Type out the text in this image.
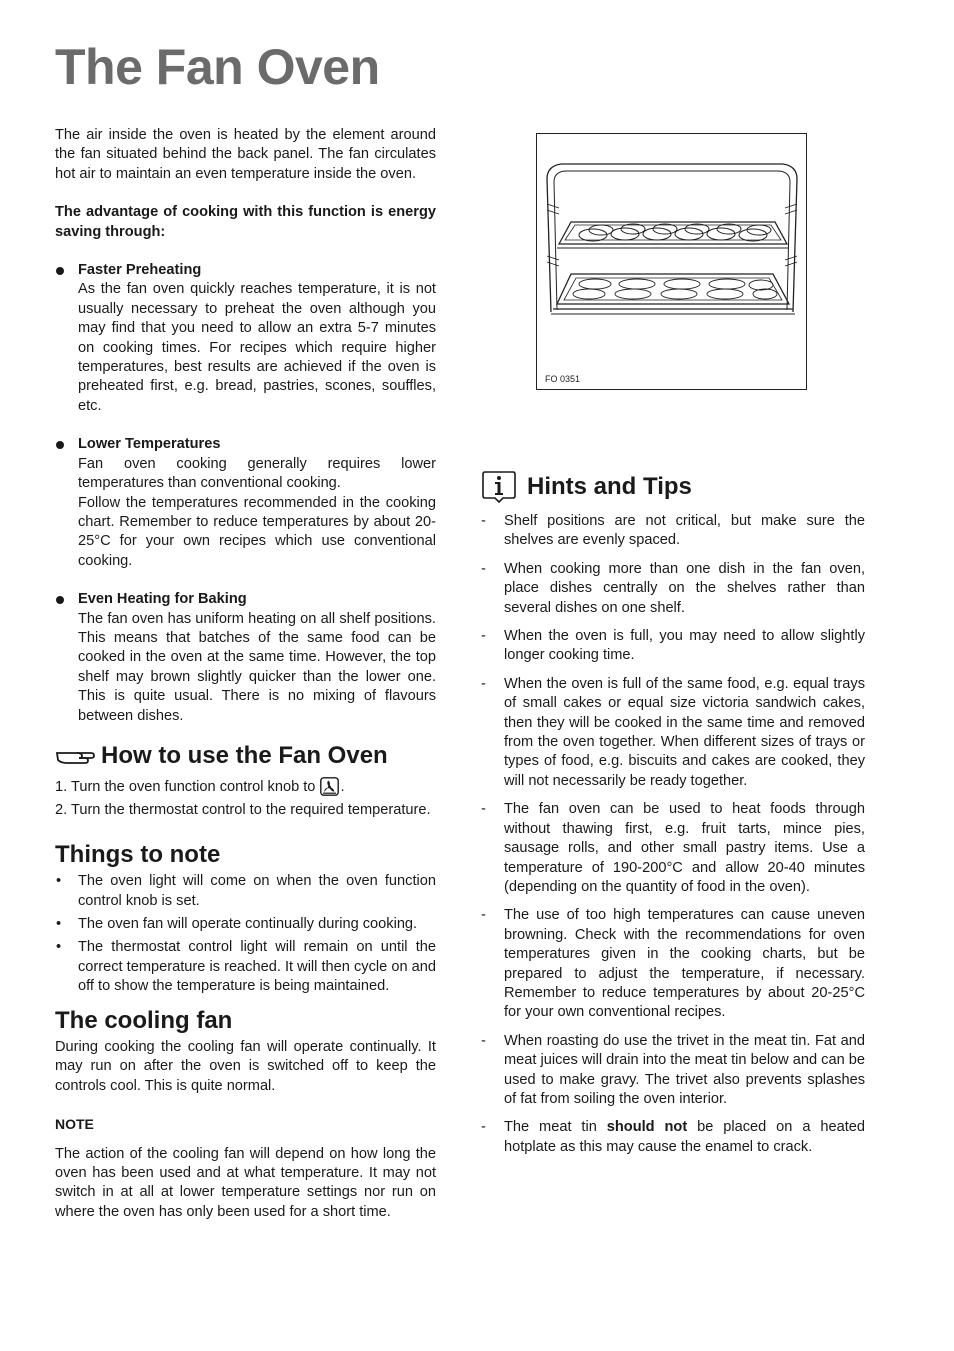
The Fan Oven

The air inside the oven is heated by the element around the fan situated behind the back panel. The fan circulates hot air to maintain an even temperature inside the oven.

The advantage of cooking with this function is energy saving through:

Faster Preheating

As the fan oven quickly reaches temperature, it is not usually necessary to preheat the oven although you may find that you need to allow an extra 5-7 minutes on cooking times. For recipes which require higher temperatures, best results are achieved if the oven is preheated first, e.g. bread, pastries, scones, souffles, etc.

Lower Temperatures

Fan oven cooking generally requires lower temperatures than conventional cooking.

Follow the temperatures recommended in the cooking chart. Remember to reduce temperatures by about 20-25°C for your own recipes which use conventional cooking.

Even Heating for Baking

The fan oven has uniform heating on all shelf positions. This means that batches of the same food can be cooked in the oven at the same time. However, the top shelf may brown slightly quicker than the lower one. This is quite usual. There is no mixing of flavours between dishes.

How to use the Fan Oven
1. Turn the oven function control knob to .
2. Turn the thermostat control to the required temperature.
Things to note
• The oven light will come on when the oven function control knob is set.
• The oven fan will operate continually during cooking.
• The thermostat control light will remain on until the correct temperature is reached. It will then cycle on and off to show the temperature is being maintained.
The cooling fan

During cooking the cooling fan will operate continually. It may run on after the oven is switched off to keep the controls cool. This is quite normal.

NOTE

The action of the cooling fan will depend on how long the oven has been used and at what temperature. It may not switch in at all at lower temperature settings nor run on where the oven has only been used for a short time.

FO 0351
Hints and Tips
- Shelf positions are not critical, but make sure the shelves are evenly spaced.
- When cooking more than one dish in the fan oven, place dishes centrally on the shelves rather than several dishes on one shelf.
- When the oven is full, you may need to allow slightly longer cooking time.
- When the oven is full of the same food, e.g. equal trays of small cakes or equal size victoria sandwich cakes, then they will be cooked in the same time and removed from the oven together. When different sizes of trays or types of food, e.g. biscuits and cakes are cooked, they will not necessarily be ready together.
- The fan oven can be used to heat foods through without thawing first, e.g. fruit tarts, mince pies, sausage rolls, and other small pastry items. Use a temperature of 190-200°C and allow 20-40 minutes (depending on the quantity of food in the oven).
- The use of too high temperatures can cause uneven browning. Check with the recommendations for oven temperatures given in the cooking charts, but be prepared to adjust the temperature, if necessary. Remember to reduce temperatures by about 20-25°C for your own conventional recipes.
- When roasting do use the trivet in the meat tin. Fat and meat juices will drain into the meat tin below and can be used to make gravy. The trivet also prevents splashes of fat from soiling the oven interior.
- The meat tin should not be placed on a heated hotplate as this may cause the enamel to crack.
